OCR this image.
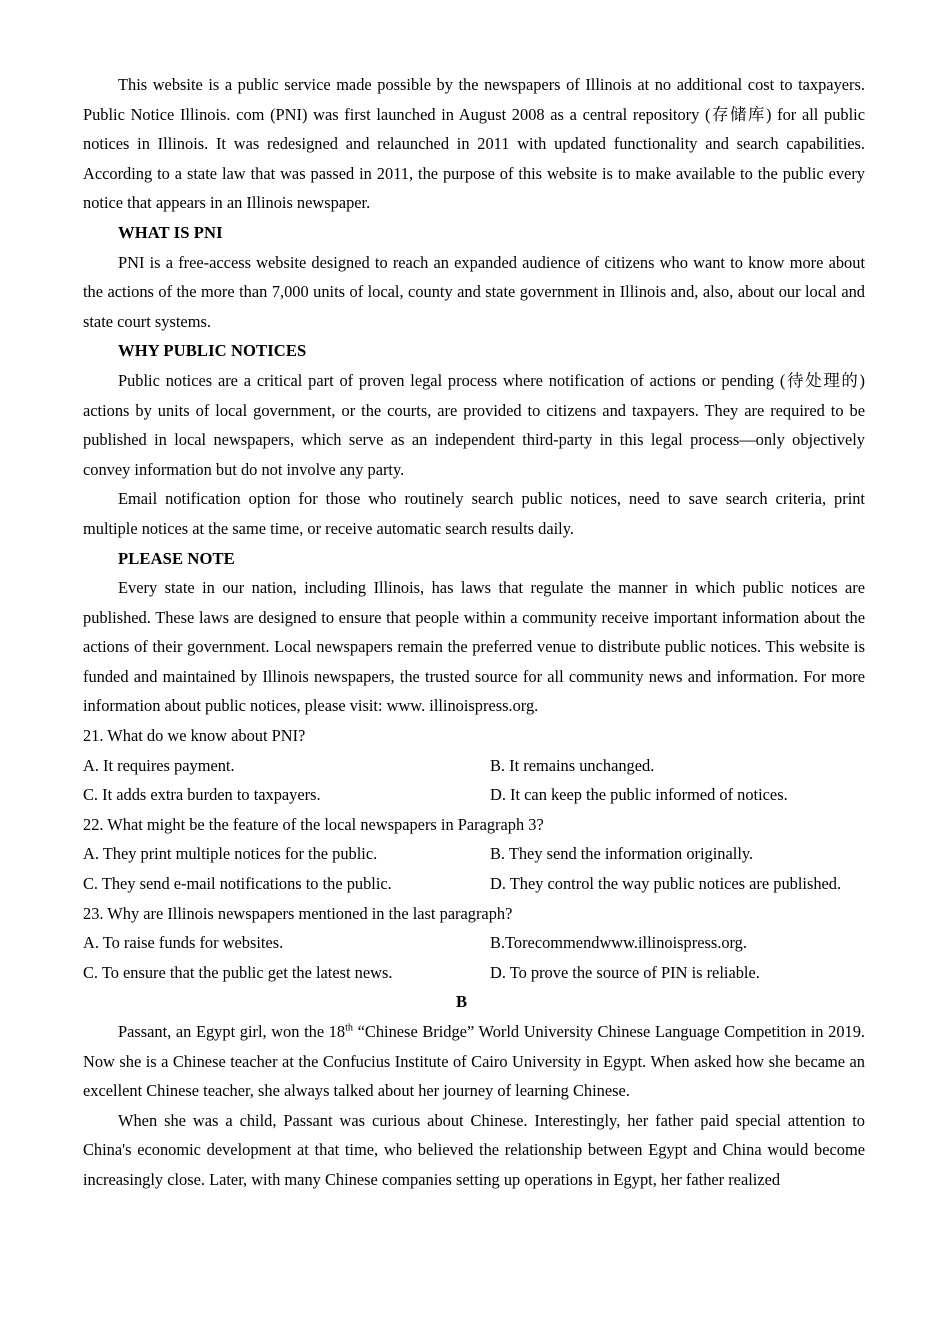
This website is a public service made possible by the newspapers of Illinois at no additional cost to taxpayers. Public Notice Illinois. com (PNI) was first launched in August 2008 as a central repository (存储库) for all public notices in Illinois. It was redesigned and relaunched in 2011 with updated functionality and search capabilities. According to a state law that was passed in 2011, the purpose of this website is to make available to the public every notice that appears in an Illinois newspaper.

WHAT IS PNI

PNI is a free-access website designed to reach an expanded audience of citizens who want to know more about the actions of the more than 7,000 units of local, county and state government in Illinois and, also, about our local and state court systems.

WHY PUBLIC NOTICES

Public notices are a critical part of proven legal process where notification of actions or pending (待处理的) actions by units of local government, or the courts, are provided to citizens and taxpayers. They are required to be published in local newspapers, which serve as an independent third-party in this legal process—only objectively convey information but do not involve any party.

Email notification option for those who routinely search public notices, need to save search criteria, print multiple notices at the same time, or receive automatic search results daily.

PLEASE NOTE

Every state in our nation, including Illinois, has laws that regulate the manner in which public notices are published. These laws are designed to ensure that people within a community receive important information about the actions of their government. Local newspapers remain the preferred venue to distribute public notices. This website is funded and maintained by Illinois newspapers, the trusted source for all community news and information. For more information about public notices, please visit: www. illinoispress.org.

21. What do we know about PNI?

A. It requires payment.	B. It remains unchanged.
C. It adds extra burden to taxpayers.	D. It can keep the public informed of notices.

22. What might be the feature of the local newspapers in Paragraph 3?

A. They print multiple notices for the public.	B. They send the information originally.
C. They send e-mail notifications to the public.	D. They control the way public notices are published.

23. Why are Illinois newspapers mentioned in the last paragraph?

A. To raise funds for websites.	B.Torecommendwww.illinoispress.org.
C. To ensure that the public get the latest news.	D. To prove the source of PIN is reliable.

B

Passant, an Egypt girl, won the 18th “Chinese Bridge” World University Chinese Language Competition in 2019. Now she is a Chinese teacher at the Confucius Institute of Cairo University in Egypt. When asked how she became an excellent Chinese teacher, she always talked about her journey of learning Chinese.

When she was a child, Passant was curious about Chinese. Interestingly, her father paid special attention to China's economic development at that time, who believed the relationship between Egypt and China would become increasingly close. Later, with many Chinese companies setting up operations in Egypt, her father realized
